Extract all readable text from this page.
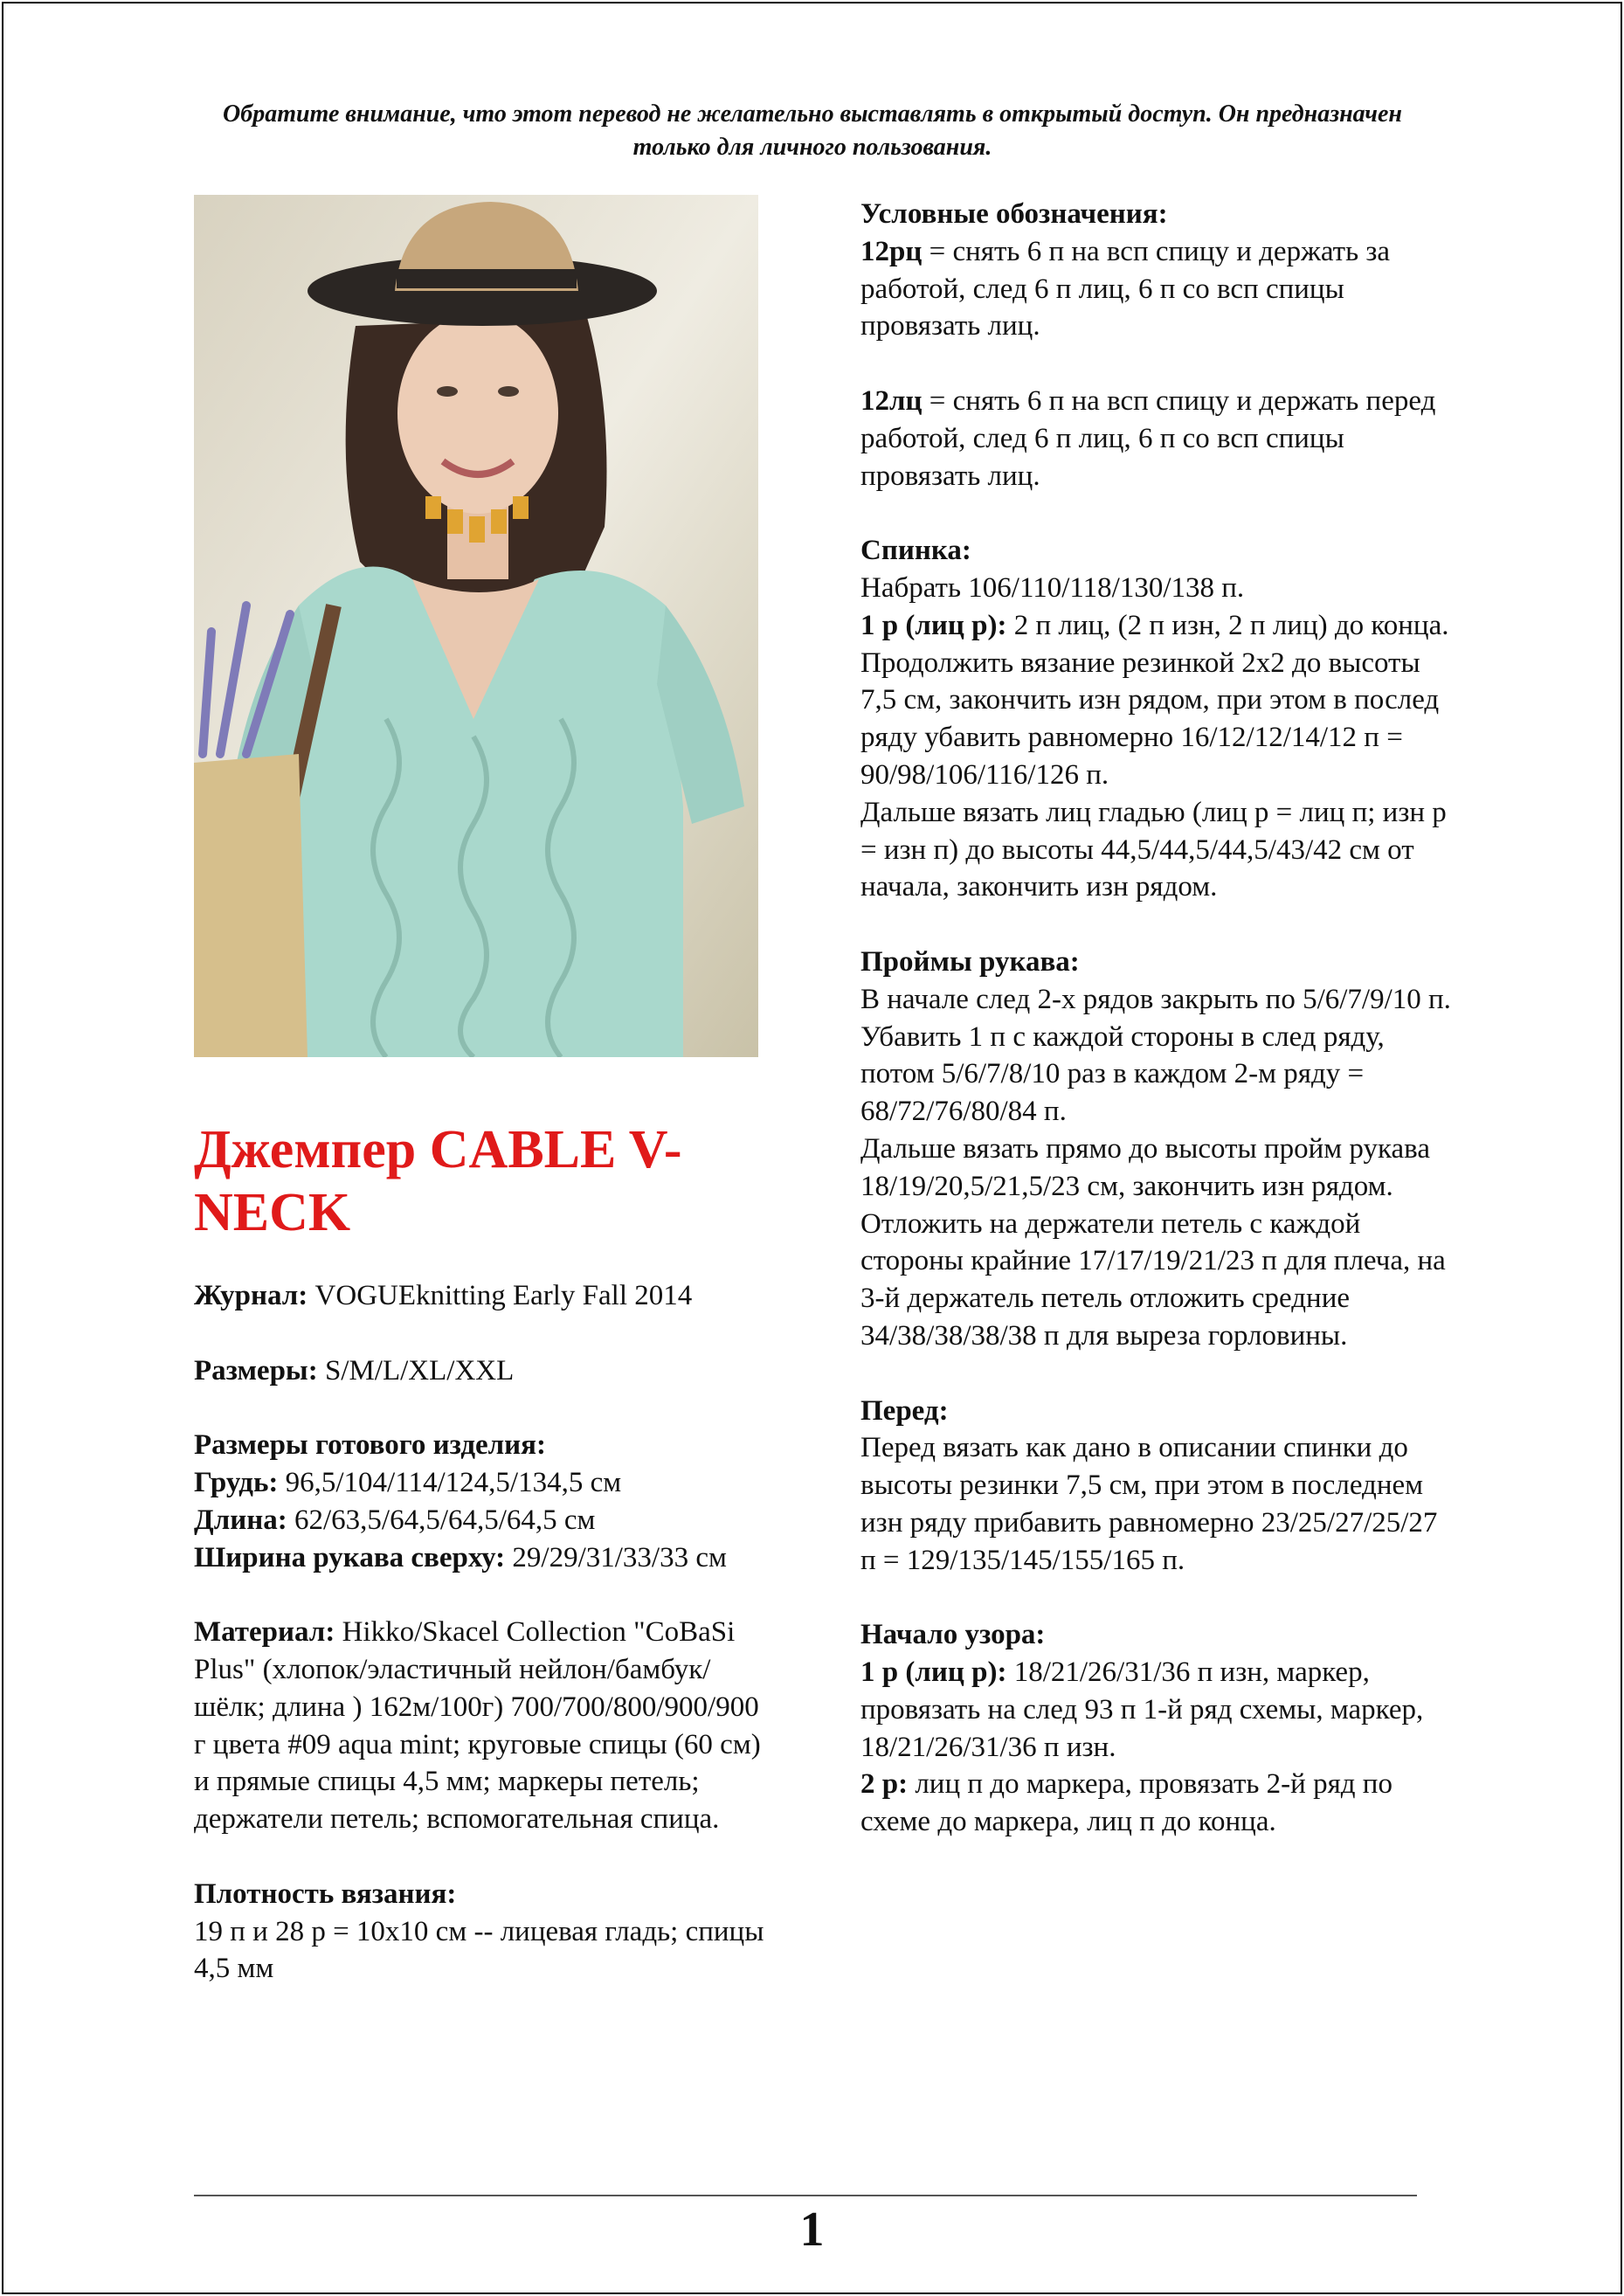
Обратите внимание, что этот перевод не желательно выставлять в открытый доступ. Он предназначен только для личного пользования.
Джемпер CABLE V-NECK

Журнал: VOGUEknitting Early Fall 2014

Размеры: S/M/L/XL/XXL

Размеры готового изделия:

Грудь: 96,5/104/114/124,5/134,5 см

Длина: 62/63,5/64,5/64,5/64,5 см

Ширина рукава сверху: 29/29/31/33/33 см

Материал: Hikko/Skacel Collection "CoBaSi Plus" (хлопок/эластичный нейлон/бамбук/шёлк; длина ) 162м/100г) 700/700/800/900/900 г цвета #09 aqua mint; круговые спицы (60 см) и прямые спицы 4,5 мм; маркеры петель; держатели петель; вспомогательная спица.

Плотность вязания:

19 п и 28 р = 10x10 см -- лицевая гладь; спицы 4,5 мм

Условные обозначения:

12рц = снять 6 п на всп спицу и держать за работой, след 6 п лиц, 6 п со всп спицы провязать лиц.

12лц = снять 6 п на всп спицу и держать перед работой, след 6 п лиц, 6 п со всп спицы провязать лиц.

Спинка:

Набрать 106/110/118/130/138 п.

1 р (лиц р): 2 п лиц, (2 п изн, 2 п лиц) до конца.

Продолжить вязание резинкой 2x2 до высоты 7,5 см, закончить изн рядом, при этом в послед ряду убавить равномерно 16/12/12/14/12 п = 90/98/106/116/126 п.

Дальше вязать лиц гладью (лиц р = лиц п; изн р = изн п) до высоты 44,5/44,5/44,5/43/42 см от начала, закончить изн рядом.

Проймы рукава:

В начале след 2-х рядов закрыть по 5/6/7/9/10 п. Убавить 1 п с каждой стороны в след ряду, потом 5/6/7/8/10 раз в каждом 2-м ряду = 68/72/76/80/84 п.

Дальше вязать прямо до высоты пройм рукава 18/19/20,5/21,5/23 см, закончить изн рядом.

Отложить на держатели петель с каждой стороны крайние 17/17/19/21/23 п для плеча, на 3-й держатель петель отложить средние 34/38/38/38/38 п для выреза горловины.

Перед:

Перед вязать как дано в описании спинки до высоты резинки 7,5 см, при этом в последнем изн ряду прибавить равномерно 23/25/27/25/27 п = 129/135/145/155/165 п.

Начало узора:

1 р (лиц р): 18/21/26/31/36 п изн, маркер, провязать на след 93 п 1-й ряд схемы, маркер, 18/21/26/31/36 п изн.

2 р: лиц п до маркера, провязать 2-й ряд по схеме до маркера, лиц п до конца.

1
